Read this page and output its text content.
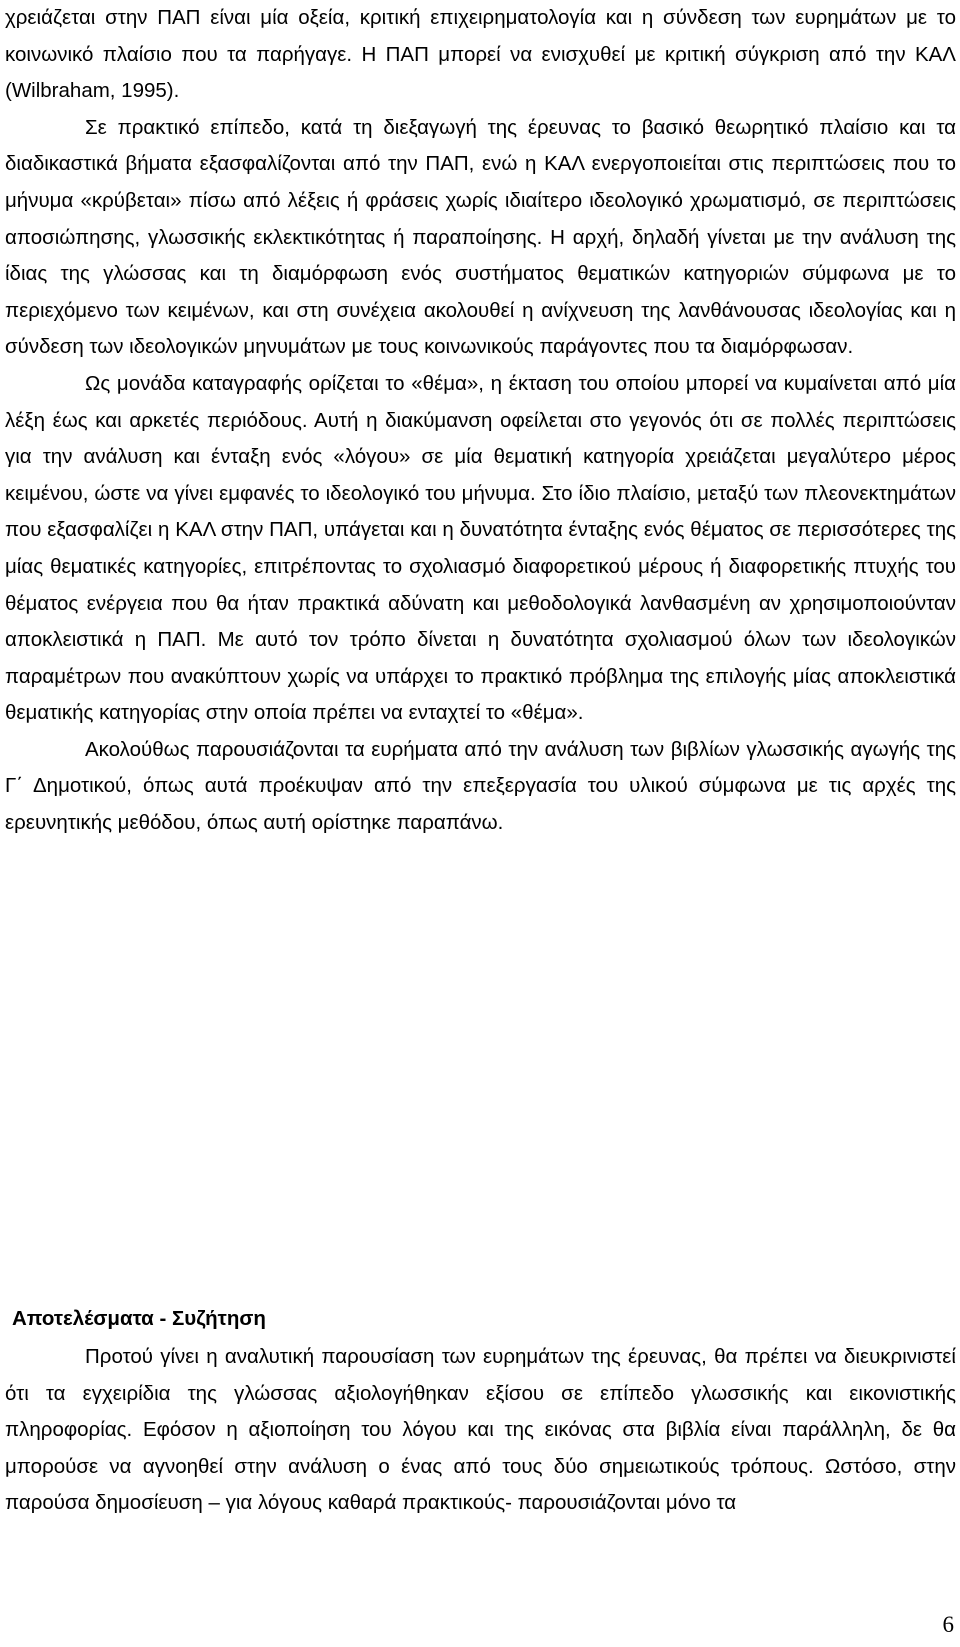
χρειάζεται στην ΠΑΠ είναι μία οξεία, κριτική επιχειρηματολογία και η σύνδεση των ευρημάτων με το κοινωνικό πλαίσιο που τα παρήγαγε. Η ΠΑΠ μπορεί να ενισχυθεί με κριτική σύγκριση από την ΚΑΛ (Wilbraham, 1995).

Σε πρακτικό επίπεδο, κατά τη διεξαγωγή της έρευνας το βασικό θεωρητικό πλαίσιο και τα διαδικαστικά βήματα εξασφαλίζονται από την ΠΑΠ, ενώ η ΚΑΛ ενεργοποιείται στις περιπτώσεις που το μήνυμα «κρύβεται» πίσω από λέξεις ή φράσεις χωρίς ιδιαίτερο ιδεολογικό χρωματισμό, σε περιπτώσεις αποσιώπησης, γλωσσικής εκλεκτικότητας ή παραποίησης. Η αρχή, δηλαδή γίνεται με την ανάλυση της ίδιας της γλώσσας και τη διαμόρφωση ενός συστήματος θεματικών κατηγοριών σύμφωνα με το περιεχόμενο των κειμένων, και στη συνέχεια ακολουθεί η ανίχνευση της λανθάνουσας ιδεολογίας και η σύνδεση των ιδεολογικών μηνυμάτων με τους κοινωνικούς παράγοντες που τα διαμόρφωσαν.

Ως μονάδα καταγραφής ορίζεται το «θέμα», η έκταση του οποίου μπορεί να κυμαίνεται από μία λέξη έως και αρκετές περιόδους. Αυτή η διακύμανση οφείλεται στο γεγονός ότι σε πολλές περιπτώσεις για την ανάλυση και ένταξη ενός «λόγου» σε μία θεματική κατηγορία χρειάζεται μεγαλύτερο μέρος κειμένου, ώστε να γίνει εμφανές το ιδεολογικό του μήνυμα. Στο ίδιο πλαίσιο, μεταξύ των πλεονεκτημάτων που εξασφαλίζει η ΚΑΛ στην ΠΑΠ, υπάγεται και η δυνατότητα ένταξης ενός θέματος σε περισσότερες της μίας θεματικές κατηγορίες, επιτρέποντας το σχολιασμό διαφορετικού μέρους ή διαφορετικής πτυχής του θέματος ενέργεια που θα ήταν πρακτικά αδύνατη και μεθοδολογικά λανθασμένη αν χρησιμοποιούνταν αποκλειστικά η ΠΑΠ. Με αυτό τον τρόπο δίνεται η δυνατότητα σχολιασμού όλων των ιδεολογικών παραμέτρων που ανακύπτουν χωρίς να υπάρχει το πρακτικό πρόβλημα της επιλογής μίας αποκλειστικά θεματικής κατηγορίας στην οποία πρέπει να ενταχτεί το «θέμα».

Ακολούθως παρουσιάζονται τα ευρήματα από την ανάλυση των βιβλίων γλωσσικής αγωγής της Γ΄ Δημοτικού, όπως αυτά προέκυψαν από την επεξεργασία του υλικού σύμφωνα με τις αρχές της ερευνητικής μεθόδου, όπως αυτή ορίστηκε παραπάνω.

Αποτελέσματα - Συζήτηση

Προτού γίνει η αναλυτική παρουσίαση των ευρημάτων της έρευνας, θα πρέπει να διευκρινιστεί ότι τα εγχειρίδια της γλώσσας αξιολογήθηκαν εξίσου σε επίπεδο γλωσσικής και εικονιστικής πληροφορίας. Εφόσον η αξιοποίηση του λόγου και της εικόνας στα βιβλία είναι παράλληλη, δε θα μπορούσε να αγνοηθεί στην ανάλυση ο ένας από τους δύο σημειωτικούς τρόπους. Ωστόσο, στην παρούσα δημοσίευση – για λόγους καθαρά πρακτικούς- παρουσιάζονται μόνο τα

6
